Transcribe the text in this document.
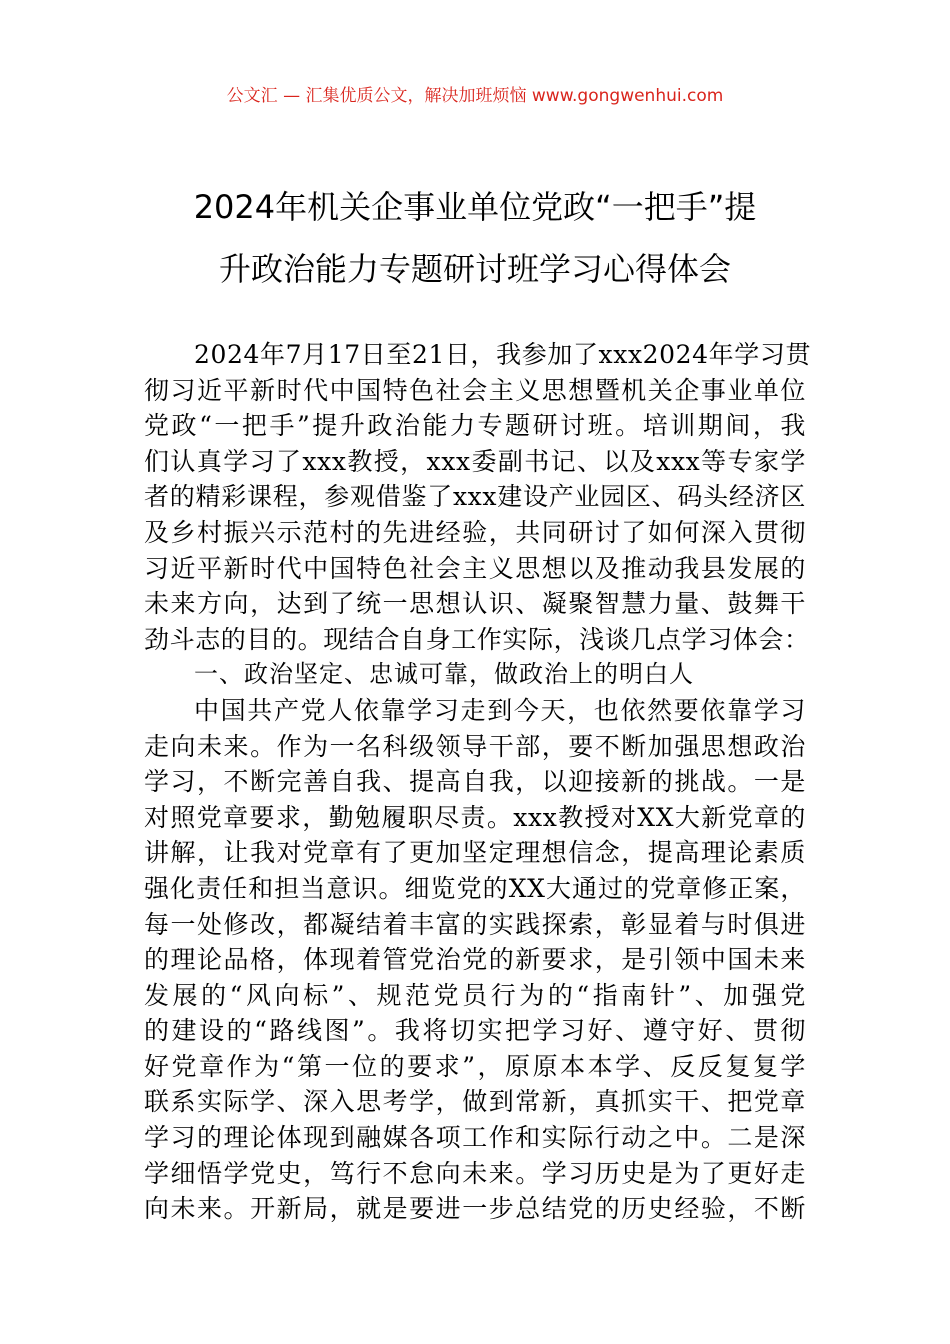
公文汇 — 汇集优质公文，解决加班烦恼 www.gongwenhui.com
2024年机关企事业单位党政“一把手”提
升政治能力专题研讨班学习心得体会
2024年7月17日至21日，我参加了xxx2024年学习贯
彻习近平新时代中国特色社会主义思想暨机关企事业单位
党政“一把手”提升政治能力专题研讨班。培训期间，我
们认真学习了xxx教授，xxx委副书记、以及xxx等专家学
者的精彩课程，参观借鉴了xxx建设产业园区、码头经济区
及乡村振兴示范村的先进经验，共同研讨了如何深入贯彻
习近平新时代中国特色社会主义思想以及推动我县发展的
未来方向，达到了统一思想认识、凝聚智慧力量、鼓舞干
劲斗志的目的。现结合自身工作实际，浅谈几点学习体会：
一、政治坚定、忠诚可靠，做政治上的明白人
中国共产党人依靠学习走到今天，也依然要依靠学习
走向未来。作为一名科级领导干部，要不断加强思想政治
学习，不断完善自我、提高自我，以迎接新的挑战。一是
对照党章要求，勤勉履职尽责。xxx教授对XX大新党章的
讲解，让我对党章有了更加坚定理想信念，提高理论素质
强化责任和担当意识。细览党的XX大通过的党章修正案，
每一处修改，都凝结着丰富的实践探索，彰显着与时俱进
的理论品格，体现着管党治党的新要求，是引领中国未来
发展的“风向标”、规范党员行为的“指南针”、加强党
的建设的“路线图”。我将切实把学习好、遵守好、贯彻
好党章作为“第一位的要求”，原原本本学、反反复复学
联系实际学、深入思考学，做到常新，真抓实干、把党章
学习的理论体现到融媒各项工作和实际行动之中。二是深
学细悟学党史，笃行不怠向未来。学习历史是为了更好走
向未来。开新局，就是要进一步总结党的历史经验，不断
